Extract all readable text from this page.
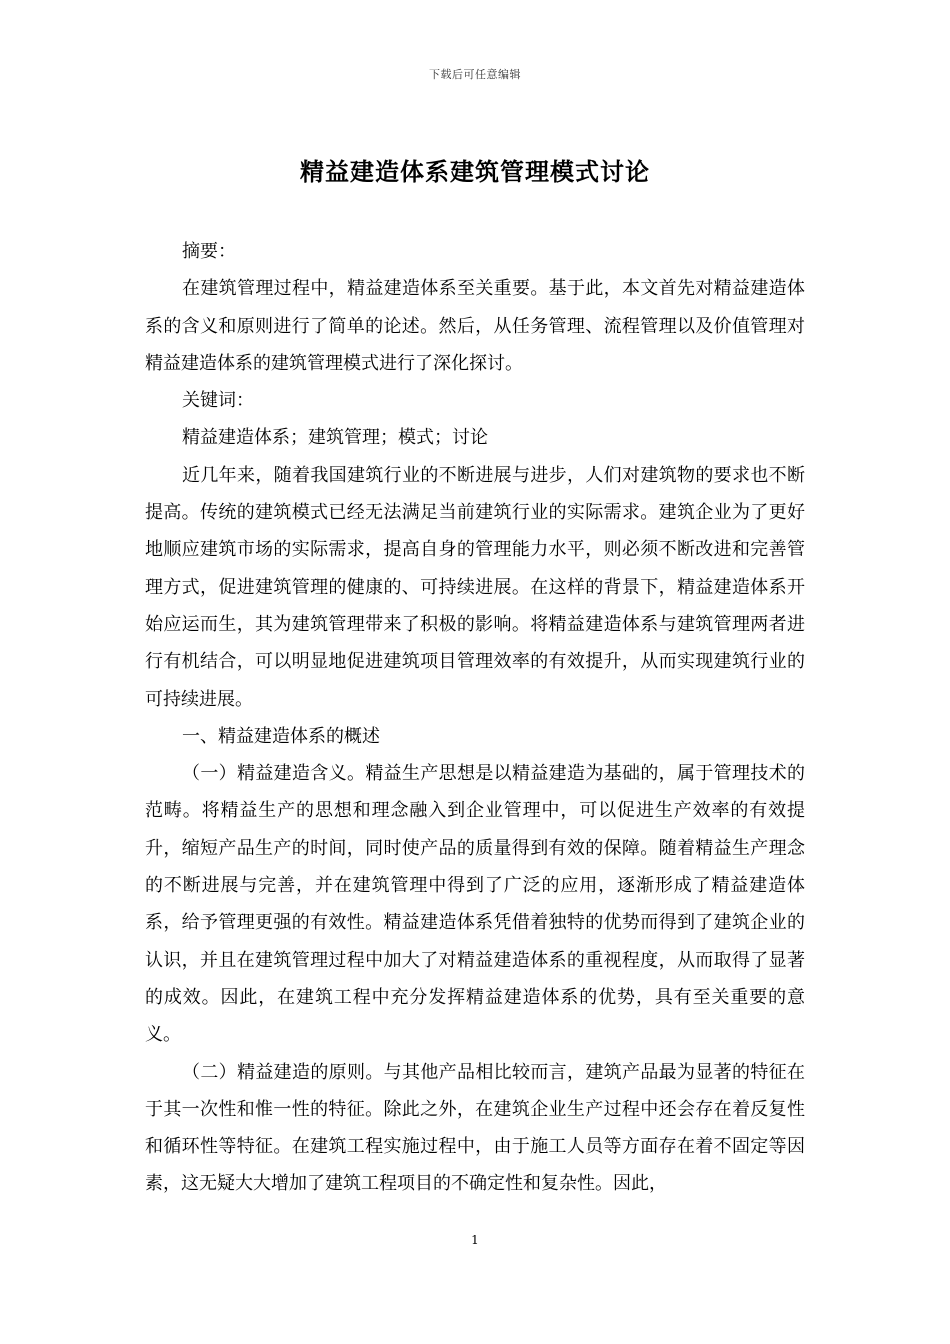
下载后可任意编辑
精益建造体系建筑管理模式讨论

摘要：

在建筑管理过程中，精益建造体系至关重要。基于此，本文首先对精益建造体系的含义和原则进行了简单的论述。然后，从任务管理、流程管理以及价值管理对精益建造体系的建筑管理模式进行了深化探讨。

关键词：

精益建造体系；建筑管理；模式；讨论

近几年来，随着我国建筑行业的不断进展与进步，人们对建筑物的要求也不断提高。传统的建筑模式已经无法满足当前建筑行业的实际需求。建筑企业为了更好地顺应建筑市场的实际需求，提高自身的管理能力水平，则必须不断改进和完善管理方式，促进建筑管理的健康的、可持续进展。在这样的背景下，精益建造体系开始应运而生，其为建筑管理带来了积极的影响。将精益建造体系与建筑管理两者进行有机结合，可以明显地促进建筑项目管理效率的有效提升，从而实现建筑行业的可持续进展。

一、精益建造体系的概述

（一）精益建造含义。精益生产思想是以精益建造为基础的，属于管理技术的范畴。将精益生产的思想和理念融入到企业管理中，可以促进生产效率的有效提升，缩短产品生产的时间，同时使产品的质量得到有效的保障。随着精益生产理念的不断进展与完善，并在建筑管理中得到了广泛的应用，逐渐形成了精益建造体系，给予管理更强的有效性。精益建造体系凭借着独特的优势而得到了建筑企业的认识，并且在建筑管理过程中加大了对精益建造体系的重视程度，从而取得了显著的成效。因此，在建筑工程中充分发挥精益建造体系的优势，具有至关重要的意义。

（二）精益建造的原则。与其他产品相比较而言，建筑产品最为显著的特征在于其一次性和惟一性的特征。除此之外，在建筑企业生产过程中还会存在着反复性和循环性等特征。在建筑工程实施过程中，由于施工人员等方面存在着不固定等因素，这无疑大大增加了建筑工程项目的不确定性和复杂性。因此，

1
